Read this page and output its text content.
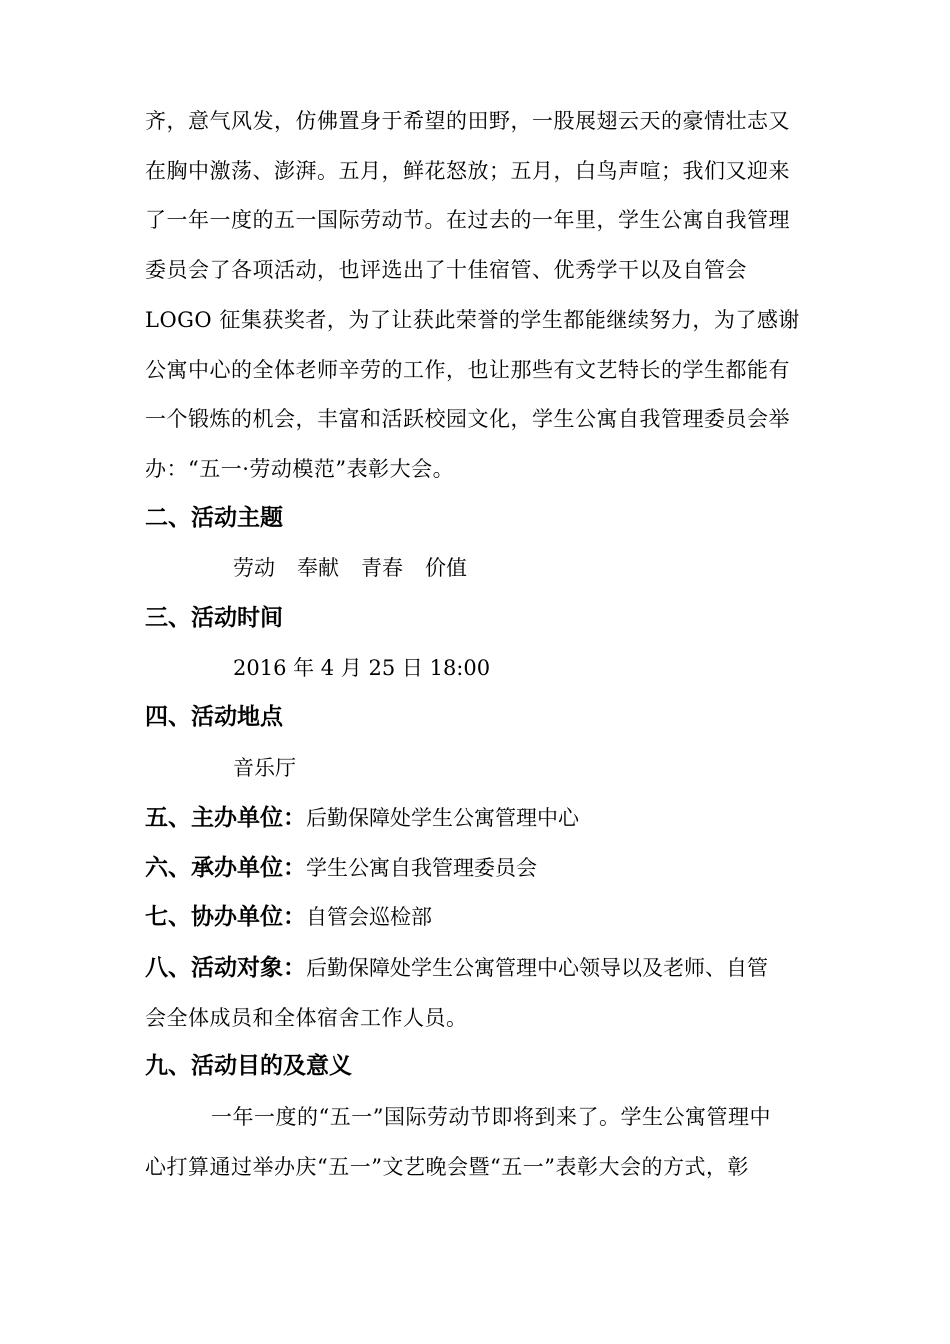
齐，意气风发，仿佛置身于希望的田野，一股展翅云天的豪情壮志又
在胸中激荡、澎湃。五月，鲜花怒放；五月，白鸟声喧；我们又迎来
了一年一度的五一国际劳动节。在过去的一年里，学生公寓自我管理
委员会了各项活动，也评选出了十佳宿管、优秀学干以及自管会
LOGO 征集获奖者，为了让获此荣誉的学生都能继续努力，为了感谢
公寓中心的全体老师辛劳的工作，也让那些有文艺特长的学生都能有
一个锻炼的机会，丰富和活跃校园文化，学生公寓自我管理委员会举
办：“五一·劳动模范”表彰大会。
二、活动主题
劳动 奉献 青春 价值
三、活动时间
2016 年 4 月 25 日 18:00
四、活动地点
音乐厅
五、主办单位：后勤保障处学生公寓管理中心
六、承办单位：学生公寓自我管理委员会
七、协办单位：自管会巡检部
八、活动对象：后勤保障处学生公寓管理中心领导以及老师、自管
会全体成员和全体宿舍工作人员。
九、活动目的及意义
一年一度的“五一”国际劳动节即将到来了。学生公寓管理中
心打算通过举办庆“五一”文艺晚会暨“五一”表彰大会的方式，彰
